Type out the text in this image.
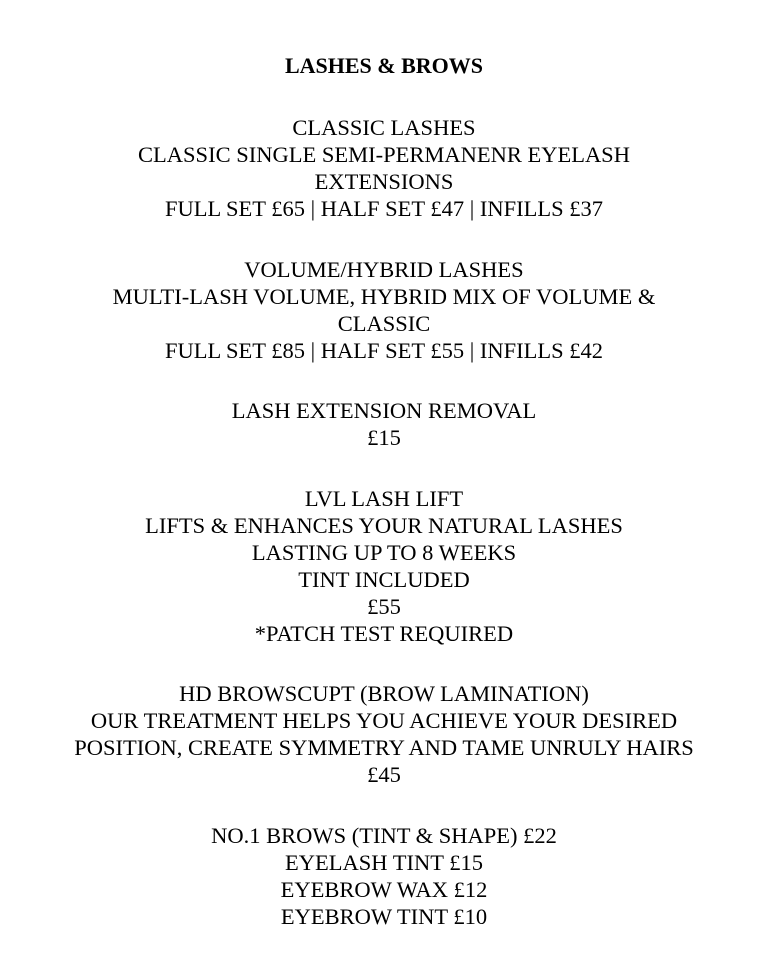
LASHES & BROWS
CLASSIC LASHES
CLASSIC SINGLE SEMI-PERMANENR EYELASH
EXTENSIONS
FULL SET £65 | HALF SET £47 | INFILLS £37
VOLUME/HYBRID LASHES
MULTI-LASH VOLUME, HYBRID MIX OF VOLUME &
CLASSIC
FULL SET £85 | HALF SET £55 | INFILLS £42
LASH EXTENSION REMOVAL
£15
LVL LASH LIFT
LIFTS & ENHANCES YOUR NATURAL LASHES
LASTING UP TO 8 WEEKS
TINT INCLUDED
£55
*PATCH TEST REQUIRED
HD BROWSCUPT (BROW LAMINATION)
OUR TREATMENT HELPS YOU ACHIEVE YOUR DESIRED
POSITION, CREATE SYMMETRY AND TAME UNRULY HAIRS
£45
NO.1 BROWS (TINT & SHAPE) £22
EYELASH TINT £15
EYEBROW WAX £12
EYEBROW TINT £10
